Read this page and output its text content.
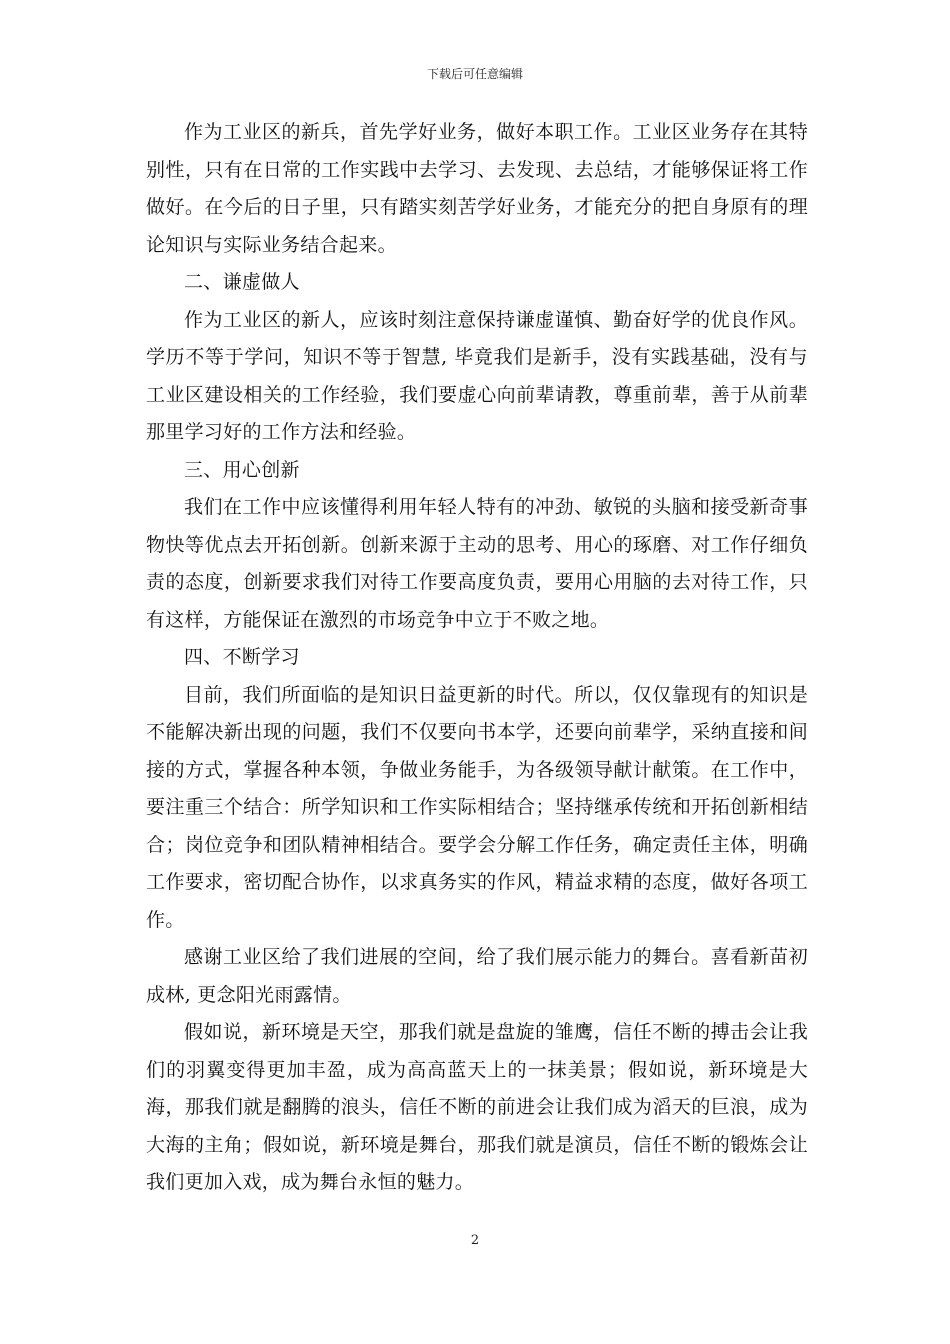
下载后可任意编辑

作为工业区的新兵，首先学好业务，做好本职工作。工业区业务存在其特别性，只有在日常的工作实践中去学习、去发现、去总结，才能够保证将工作做好。在今后的日子里，只有踏实刻苦学好业务，才能充分的把自身原有的理论知识与实际业务结合起来。

二、谦虚做人

作为工业区的新人，应该时刻注意保持谦虚谨慎、勤奋好学的优良作风。学历不等于学问，知识不等于智慧, 毕竟我们是新手，没有实践基础，没有与工业区建设相关的工作经验，我们要虚心向前辈请教，尊重前辈，善于从前辈那里学习好的工作方法和经验。

三、用心创新

我们在工作中应该懂得利用年轻人特有的冲劲、敏锐的头脑和接受新奇事物快等优点去开拓创新。创新来源于主动的思考、用心的琢磨、对工作仔细负责的态度，创新要求我们对待工作要高度负责，要用心用脑的去对待工作，只有这样，方能保证在激烈的市场竞争中立于不败之地。

四、不断学习

目前，我们所面临的是知识日益更新的时代。所以，仅仅靠现有的知识是不能解决新出现的问题，我们不仅要向书本学，还要向前辈学，采纳直接和间接的方式，掌握各种本领，争做业务能手，为各级领导献计献策。在工作中，要注重三个结合：所学知识和工作实际相结合；坚持继承传统和开拓创新相结合；岗位竞争和团队精神相结合。要学会分解工作任务，确定责任主体，明确工作要求，密切配合协作，以求真务实的作风，精益求精的态度，做好各项工作。

感谢工业区给了我们进展的空间，给了我们展示能力的舞台。喜看新苗初成林, 更念阳光雨露情。

假如说，新环境是天空，那我们就是盘旋的雏鹰，信任不断的搏击会让我们的羽翼变得更加丰盈，成为高高蓝天上的一抹美景；假如说，新环境是大海，那我们就是翻腾的浪头，信任不断的前进会让我们成为滔天的巨浪，成为大海的主角；假如说，新环境是舞台，那我们就是演员，信任不断的锻炼会让我们更加入戏，成为舞台永恒的魅力。

2
